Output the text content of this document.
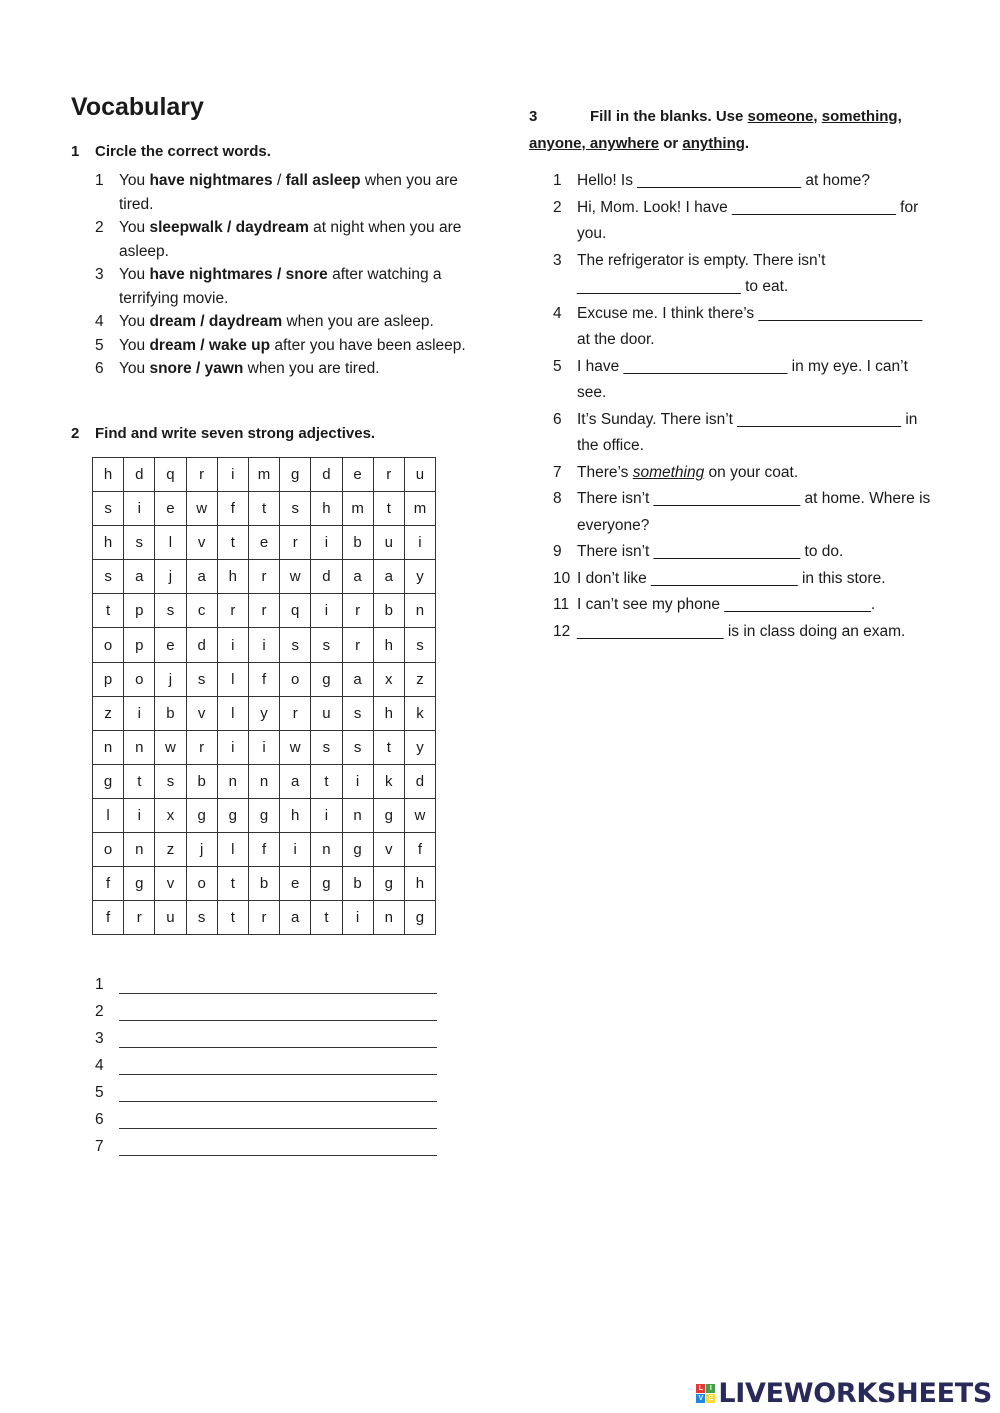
Vocabulary
1 Circle the correct words.
1 You have nightmares / fall asleep when you are tired.
2 You sleepwalk / daydream at night when you are asleep.
3 You have nightmares / snore after watching a terrifying movie.
4 You dream / daydream when you are asleep.
5 You dream / wake up after you have been asleep.
6 You snore / yawn when you are tired.
2 Find and write seven strong adjectives.
h	d	q	r	i	m	g	d	e	r	u
s	i	e	w	f	t	s	h	m	t	m
h	s	l	v	t	e	r	i	b	u	i
s	a	j	a	h	r	w	d	a	a	y
t	p	s	c	r	r	q	i	r	b	n
o	p	e	d	i	i	s	s	r	h	s
p	o	j	s	l	f	o	g	a	x	z
z	i	b	v	l	y	r	u	s	h	k
n	n	w	r	i	i	w	s	s	t	y
g	t	s	b	n	n	a	t	i	k	d
l	i	x	g	g	g	h	i	n	g	w
o	n	z	j	l	f	i	n	g	v	f
f	g	v	o	t	b	e	g	b	g	h
f	r	u	s	t	r	a	t	i	n	g
1
2
3
4
5
6
7
3	Fill in the blanks. Use someone, something, anyone, anywhere or anything.
1 Hello! Is ___________________ at home?
2 Hi, Mom. Look! I have ___________________ for you.
3 The refrigerator is empty. There isn’t ___________________ to eat.
4 Excuse me. I think there’s ___________________ at the door.
5 I have ___________________ in my eye. I can’t see.
6 It’s Sunday. There isn’t ___________________ in the office.
7 There’s something on your coat.
8 There isn’t _________________ at home. Where is everyone?
9 There isn’t _________________ to do.
10 I don’t like _________________ in this store.
11 I can’t see my phone _________________.
12 _________________ is in class doing an exam.
L I
V E LIVEWORKSHEETS
